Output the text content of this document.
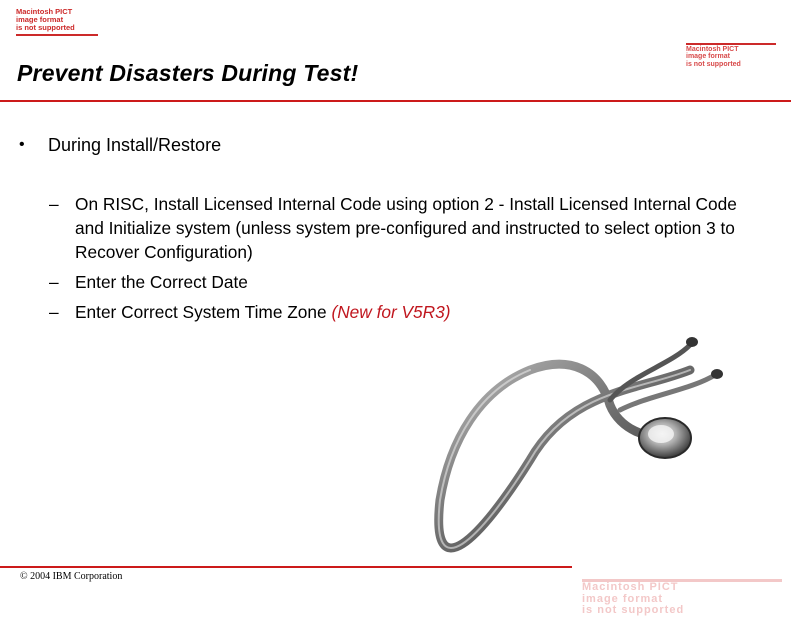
Macintosh PICT
image format
is not supported
Macintosh PICT
image format
is not supported
Prevent Disasters During Test!
• During Install/Restore
– On RISC, Install Licensed Internal Code using option 2 - Install Licensed Internal Code and Initialize system (unless system pre-configured and instructed to select option 3 to Recover Configuration)
– Enter the Correct Date
– Enter Correct System Time Zone (New for V5R3)
© 2004 IBM Corporation
Macintosh PICT
image format
is not supported
